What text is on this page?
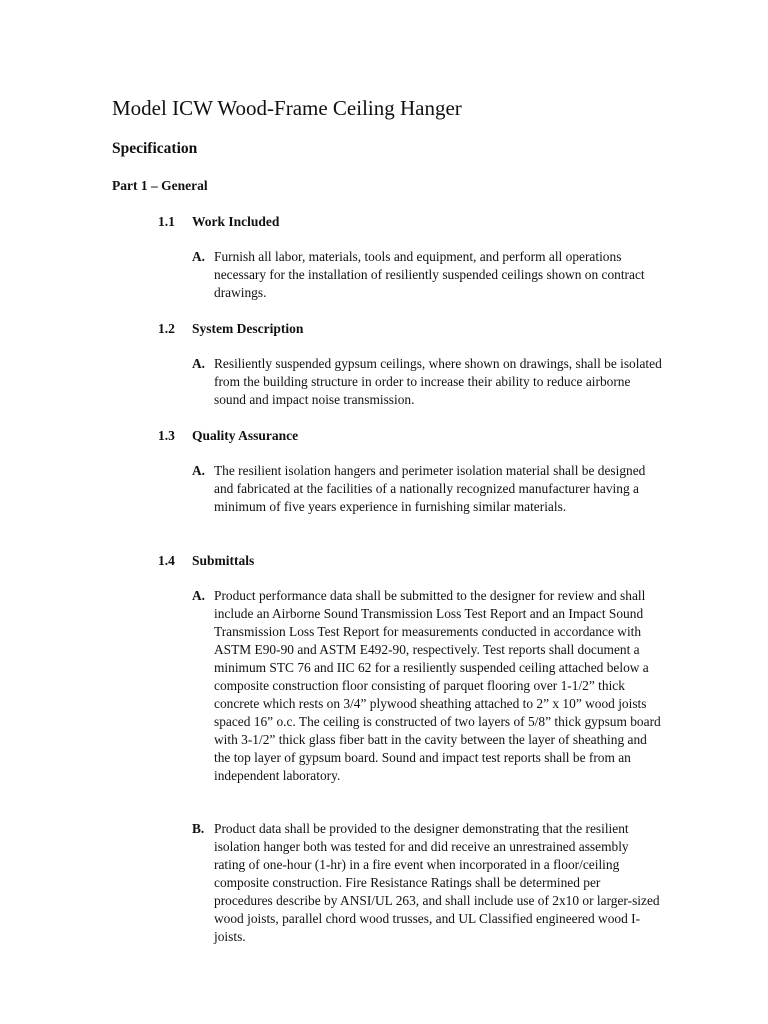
Model ICW Wood-Frame Ceiling Hanger
Specification
Part 1 – General
1.1 Work Included
A. Furnish all labor, materials, tools and equipment, and perform all operations necessary for the installation of resiliently suspended ceilings shown on contract drawings.
1.2 System Description
A. Resiliently suspended gypsum ceilings, where shown on drawings, shall be isolated from the building structure in order to increase their ability to reduce airborne sound and impact noise transmission.
1.3 Quality Assurance
A. The resilient isolation hangers and perimeter isolation material shall be designed and fabricated at the facilities of a nationally recognized manufacturer having a minimum of five years experience in furnishing similar materials.
1.4 Submittals
A. Product performance data shall be submitted to the designer for review and shall include an Airborne Sound Transmission Loss Test Report and an Impact Sound Transmission Loss Test Report for measurements conducted in accordance with ASTM E90-90 and ASTM E492-90, respectively. Test reports shall document a minimum STC 76 and IIC 62 for a resiliently suspended ceiling attached below a composite construction floor consisting of parquet flooring over 1-1/2” thick concrete which rests on 3/4” plywood sheathing attached to 2” x 10” wood joists spaced 16” o.c. The ceiling is constructed of two layers of 5/8” thick gypsum board with 3-1/2” thick glass fiber batt in the cavity between the layer of sheathing and the top layer of gypsum board. Sound and impact test reports shall be from an independent laboratory.
B. Product data shall be provided to the designer demonstrating that the resilient isolation hanger both was tested for and did receive an unrestrained assembly rating of one-hour (1-hr) in a fire event when incorporated in a floor/ceiling composite construction. Fire Resistance Ratings shall be determined per procedures describe by ANSI/UL 263, and shall include use of 2x10 or larger-sized wood joists, parallel chord wood trusses, and UL Classified engineered wood I-joists.
